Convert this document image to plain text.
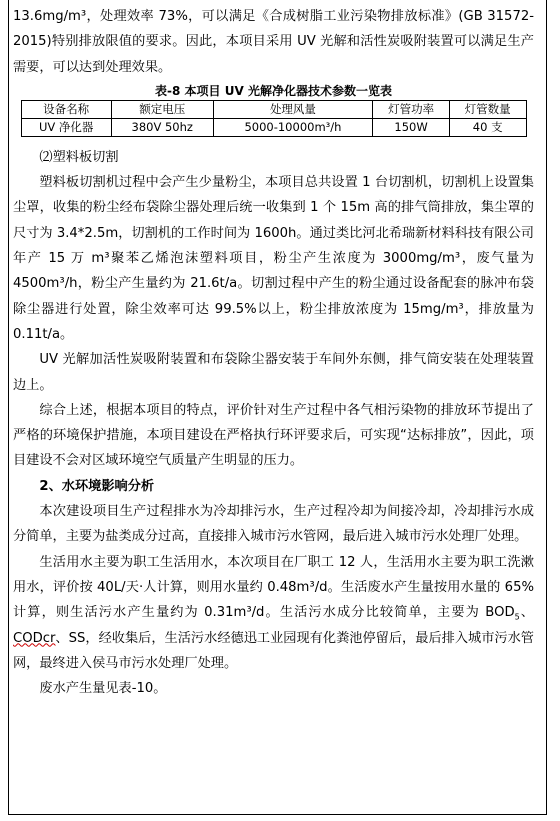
13.6mg/m³，处理效率 73%，可以满足《合成树脂工业污染物排放标准》(GB 31572-2015)特别排放限值的要求。因此，本项目采用 UV 光解和活性炭吸附装置可以满足生产需要，可以达到处理效果。

表-8 本项目 UV 光解净化器技术参数一览表
设备名称	额定电压	处理风量	灯管功率	灯管数量
UV 净化器	380V 50hz	5000-10000m³/h	150W	40 支

⑵塑料板切割

塑料板切割机过程中会产生少量粉尘，本项目总共设置 1 台切割机，切割机上设置集尘罩，收集的粉尘经布袋除尘器处理后统一收集到 1 个 15m 高的排气筒排放，集尘罩的尺寸为 3.4*2.5m，切割机的工作时间为 1600h。通过类比河北希瑞新材料科技有限公司年产 15 万 m³聚苯乙烯泡沫塑料项目，粉尘产生浓度为 3000mg/m³，废气量为 4500m³/h，粉尘产生量约为 21.6t/a。切割过程中产生的粉尘通过设备配套的脉冲布袋除尘器进行处置，除尘效率可达 99.5%以上，粉尘排放浓度为 15mg/m³，排放量为 0.11t/a。

UV 光解加活性炭吸附装置和布袋除尘器安装于车间外东侧，排气筒安装在处理装置边上。

综合上述，根据本项目的特点，评价针对生产过程中各气相污染物的排放环节提出了严格的环境保护措施，本项目建设在严格执行环评要求后，可实现“达标排放”，因此，项目建设不会对区域环境空气质量产生明显的压力。

2、水环境影响分析

本次建设项目生产过程排水为冷却排污水，生产过程冷却为间接冷却，冷却排污水成分简单，主要为盐类成分过高，直接排入城市污水管网，最后进入城市污水处理厂处理。

生活用水主要为职工生活用水，本次项目在厂职工 12 人，生活用水主要为职工洗漱用水，评价按 40L/天·人计算，则用水量约 0.48m³/d。生活废水产生量按用水量的 65%计算，则生活污水产生量约为 0.31m³/d。生活污水成分比较简单，主要为 $BOD_5$、CODcr、SS，经收集后，生活污水经德迅工业园现有化粪池停留后，最后排入城市污水管网，最终进入侯马市污水处理厂处理。

废水产生量见表-10。
